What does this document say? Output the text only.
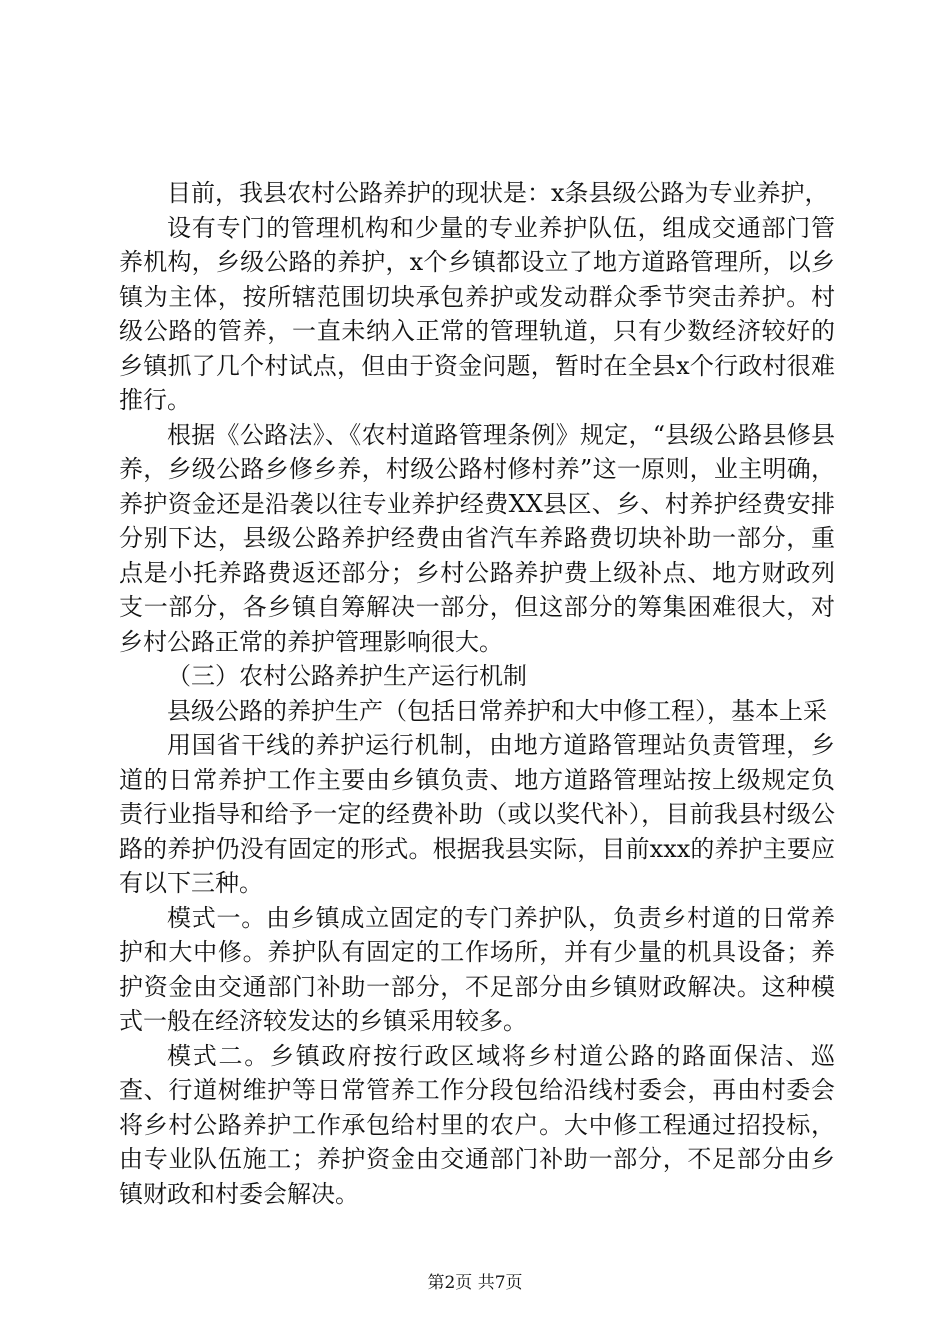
目前，我县农村公路养护的现状是：x条县级公路为专业养护，

设有专门的管理机构和少量的专业养护队伍，组成交通部门管养机构，乡级公路的养护，x个乡镇都设立了地方道路管理所，以乡镇为主体，按所辖范围切块承包养护或发动群众季节突击养护。村级公路的管养，一直未纳入正常的管理轨道，只有少数经济较好的乡镇抓了几个村试点，但由于资金问题，暂时在全县x个行政村很难推行。

根据《公路法》、《农村道路管理条例》规定，“县级公路县修县养，乡级公路乡修乡养，村级公路村修村养”这一原则，业主明确，养护资金还是沿袭以往专业养护经费XX县区、乡、村养护经费安排分别下达，县级公路养护经费由省汽车养路费切块补助一部分，重点是小托养路费返还部分；乡村公路养护费上级补点、地方财政列支一部分，各乡镇自筹解决一部分，但这部分的筹集困难很大，对乡村公路正常的养护管理影响很大。

（三）农村公路养护生产运行机制

县级公路的养护生产（包括日常养护和大中修工程），基本上采

用国省干线的养护运行机制，由地方道路管理站负责管理，乡道的日常养护工作主要由乡镇负责、地方道路管理站按上级规定负责行业指导和给予一定的经费补助（或以奖代补），目前我县村级公路的养护仍没有固定的形式。根据我县实际，目前xxx的养护主要应有以下三种。

模式一。由乡镇成立固定的专门养护队，负责乡村道的日常养护和大中修。养护队有固定的工作场所，并有少量的机具设备；养护资金由交通部门补助一部分，不足部分由乡镇财政解决。这种模式一般在经济较发达的乡镇采用较多。

模式二。乡镇政府按行政区域将乡村道公路的路面保洁、巡查、行道树维护等日常管养工作分段包给沿线村委会，再由村委会将乡村公路养护工作承包给村里的农户。大中修工程通过招投标，由专业队伍施工；养护资金由交通部门补助一部分，不足部分由乡镇财政和村委会解决。

第2页 共7页
